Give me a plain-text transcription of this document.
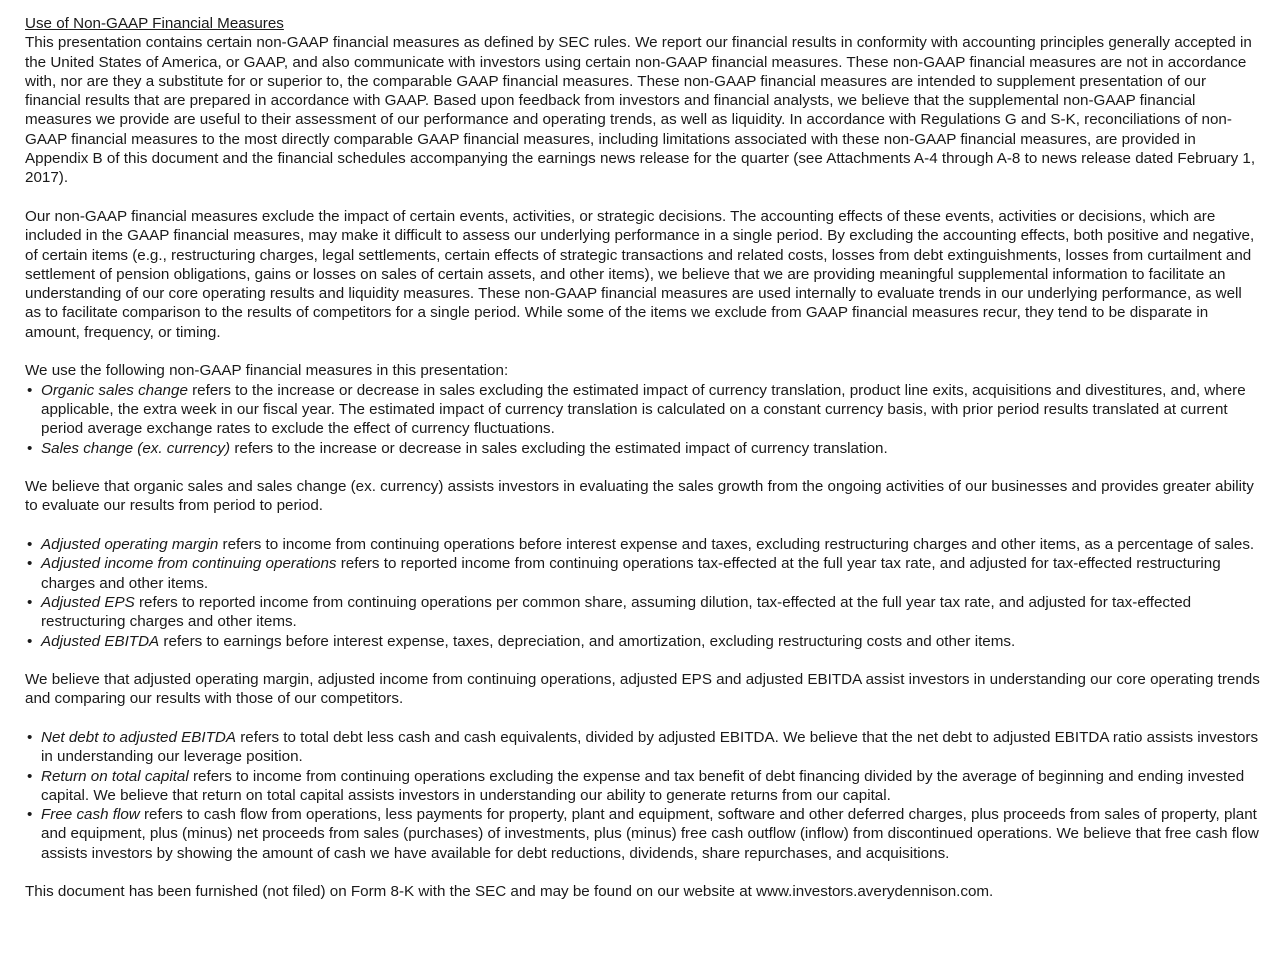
Use of Non-GAAP Financial Measures

This presentation contains certain non-GAAP financial measures as defined by SEC rules. We report our financial results in conformity with accounting principles generally accepted in the United States of America, or GAAP, and also communicate with investors using certain non-GAAP financial measures. These non-GAAP financial measures are not in accordance with, nor are they a substitute for or superior to, the comparable GAAP financial measures. These non-GAAP financial measures are intended to supplement presentation of our financial results that are prepared in accordance with GAAP. Based upon feedback from investors and financial analysts, we believe that the supplemental non-GAAP financial measures we provide are useful to their assessment of our performance and operating trends, as well as liquidity. In accordance with Regulations G and S-K, reconciliations of non-GAAP financial measures to the most directly comparable GAAP financial measures, including limitations associated with these non-GAAP financial measures, are provided in Appendix B of this document and the financial schedules accompanying the earnings news release for the quarter (see Attachments A-4 through A-8 to news release dated February 1, 2017).

Our non-GAAP financial measures exclude the impact of certain events, activities, or strategic decisions. The accounting effects of these events, activities or decisions, which are included in the GAAP financial measures, may make it difficult to assess our underlying performance in a single period. By excluding the accounting effects, both positive and negative, of certain items (e.g., restructuring charges, legal settlements, certain effects of strategic transactions and related costs, losses from debt extinguishments, losses from curtailment and settlement of pension obligations, gains or losses on sales of certain assets, and other items), we believe that we are providing meaningful supplemental information to facilitate an understanding of our core operating results and liquidity measures. These non-GAAP financial measures are used internally to evaluate trends in our underlying performance, as well as to facilitate comparison to the results of competitors for a single period. While some of the items we exclude from GAAP financial measures recur, they tend to be disparate in amount, frequency, or timing.

We use the following non-GAAP financial measures in this presentation:

• Organic sales change refers to the increase or decrease in sales excluding the estimated impact of currency translation, product line exits, acquisitions and divestitures, and, where applicable, the extra week in our fiscal year. The estimated impact of currency translation is calculated on a constant currency basis, with prior period results translated at current period average exchange rates to exclude the effect of currency fluctuations.
• Sales change (ex. currency) refers to the increase or decrease in sales excluding the estimated impact of currency translation.

We believe that organic sales and sales change (ex. currency) assists investors in evaluating the sales growth from the ongoing activities of our businesses and provides greater ability to evaluate our results from period to period.

• Adjusted operating margin refers to income from continuing operations before interest expense and taxes, excluding restructuring charges and other items, as a percentage of sales.
• Adjusted income from continuing operations refers to reported income from continuing operations tax-effected at the full year tax rate, and adjusted for tax-effected restructuring charges and other items.
• Adjusted EPS refers to reported income from continuing operations per common share, assuming dilution, tax-effected at the full year tax rate, and adjusted for tax-effected restructuring charges and other items.
• Adjusted EBITDA refers to earnings before interest expense, taxes, depreciation, and amortization, excluding restructuring costs and other items.

We believe that adjusted operating margin, adjusted income from continuing operations, adjusted EPS and adjusted EBITDA assist investors in understanding our core operating trends and comparing our results with those of our competitors.

• Net debt to adjusted EBITDA refers to total debt less cash and cash equivalents, divided by adjusted EBITDA. We believe that the net debt to adjusted EBITDA ratio assists investors in understanding our leverage position.
• Return on total capital refers to income from continuing operations excluding the expense and tax benefit of debt financing divided by the average of beginning and ending invested capital. We believe that return on total capital assists investors in understanding our ability to generate returns from our capital.
• Free cash flow refers to cash flow from operations, less payments for property, plant and equipment, software and other deferred charges, plus proceeds from sales of property, plant and equipment, plus (minus) net proceeds from sales (purchases) of investments, plus (minus) free cash outflow (inflow) from discontinued operations. We believe that free cash flow assists investors by showing the amount of cash we have available for debt reductions, dividends, share repurchases, and acquisitions.

This document has been furnished (not filed) on Form 8-K with the SEC and may be found on our website at www.investors.averydennison.com.
